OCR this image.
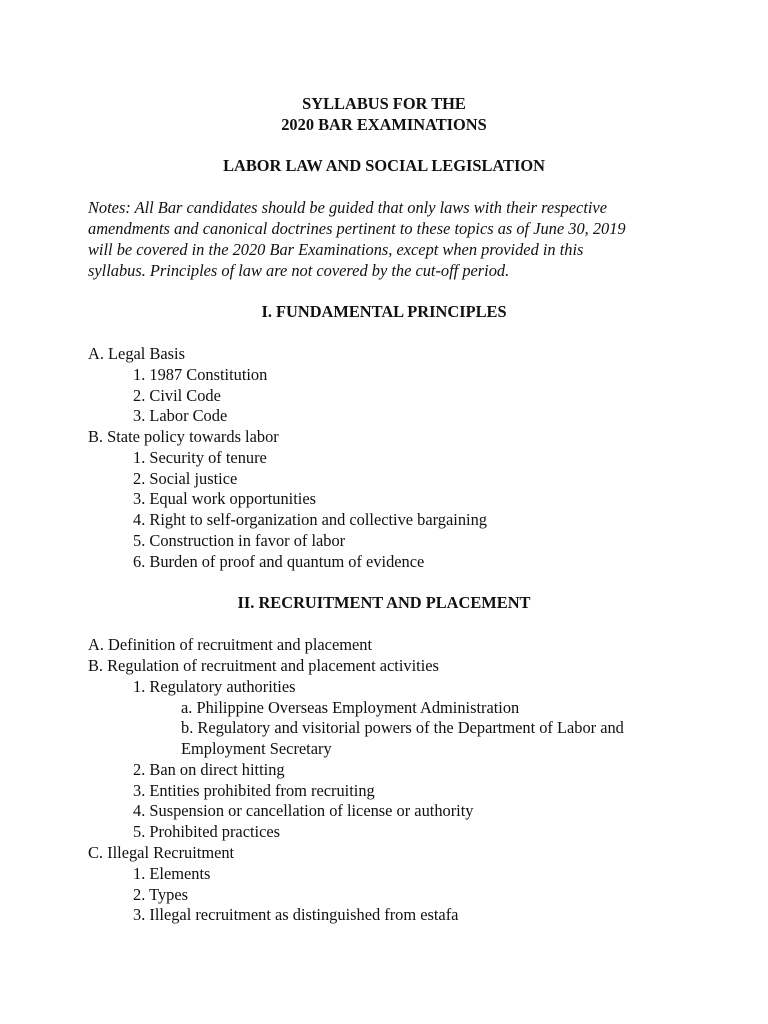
SYLLABUS FOR THE
2020 BAR EXAMINATIONS
LABOR LAW AND SOCIAL LEGISLATION
Notes: All Bar candidates should be guided that only laws with their respective
amendments and canonical doctrines pertinent to these topics as of June 30, 2019
will be covered in the 2020 Bar Examinations, except when provided in this
syllabus. Principles of law are not covered by the cut-off period.
I. FUNDAMENTAL PRINCIPLES
A. Legal Basis
1. 1987 Constitution
2. Civil Code
3. Labor Code
B. State policy towards labor
1. Security of tenure
2. Social justice
3. Equal work opportunities
4. Right to self-organization and collective bargaining
5. Construction in favor of labor
6. Burden of proof and quantum of evidence
II. RECRUITMENT AND PLACEMENT
A. Definition of recruitment and placement
B. Regulation of recruitment and placement activities
1. Regulatory authorities
a. Philippine Overseas Employment Administration
b. Regulatory and visitorial powers of the Department of Labor and
Employment Secretary
2. Ban on direct hitting
3. Entities prohibited from recruiting
4. Suspension or cancellation of license or authority
5. Prohibited practices
C. Illegal Recruitment
1. Elements
2. Types
3. Illegal recruitment as distinguished from estafa
